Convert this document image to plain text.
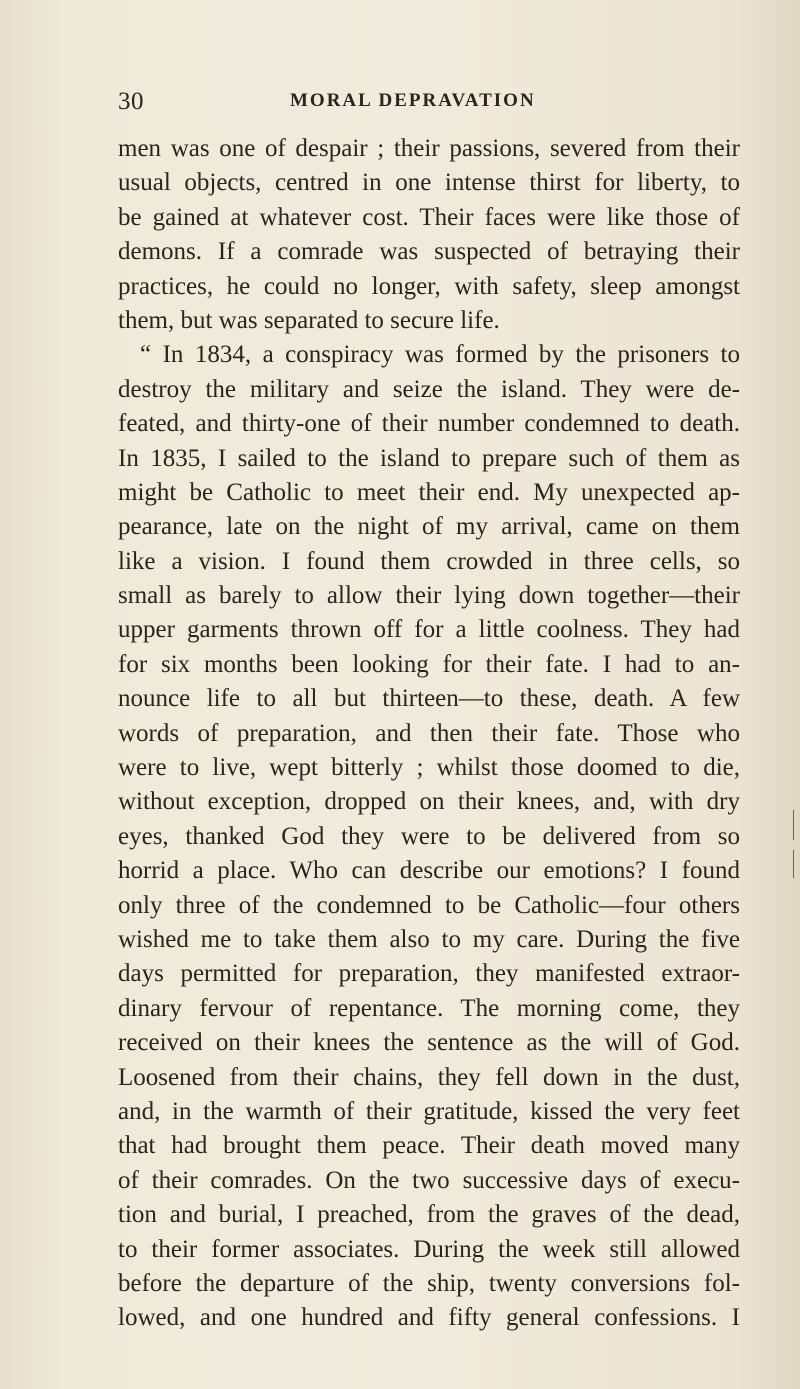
30	MORAL DEPRAVATION
men was one of despair ; their passions, severed from their
usual objects, centred in one intense thirst for liberty, to
be gained at whatever cost. Their faces were like those of
demons. If a comrade was suspected of betraying their
practices, he could no longer, with safety, sleep amongst
them, but was separated to secure life.
“ In 1834, a conspiracy was formed by the prisoners to
destroy the military and seize the island. They were de-
feated, and thirty-one of their number condemned to death.
In 1835, I sailed to the island to prepare such of them as
might be Catholic to meet their end. My unexpected ap-
pearance, late on the night of my arrival, came on them
like a vision. I found them crowded in three cells, so
small as barely to allow their lying down together—their
upper garments thrown off for a little coolness. They had
for six months been looking for their fate. I had to an-
nounce life to all but thirteen—to these, death. A few
words of preparation, and then their fate. Those who
were to live, wept bitterly ; whilst those doomed to die,
without exception, dropped on their knees, and, with dry
eyes, thanked God they were to be delivered from so
horrid a place. Who can describe our emotions? I found
only three of the condemned to be Catholic—four others
wished me to take them also to my care. During the five
days permitted for preparation, they manifested extraor-
dinary fervour of repentance. The morning come, they
received on their knees the sentence as the will of God.
Loosened from their chains, they fell down in the dust,
and, in the warmth of their gratitude, kissed the very feet
that had brought them peace. Their death moved many
of their comrades. On the two successive days of execu-
tion and burial, I preached, from the graves of the dead,
to their former associates. During the week still allowed
before the departure of the ship, twenty conversions fol-
lowed, and one hundred and fifty general confessions. I
